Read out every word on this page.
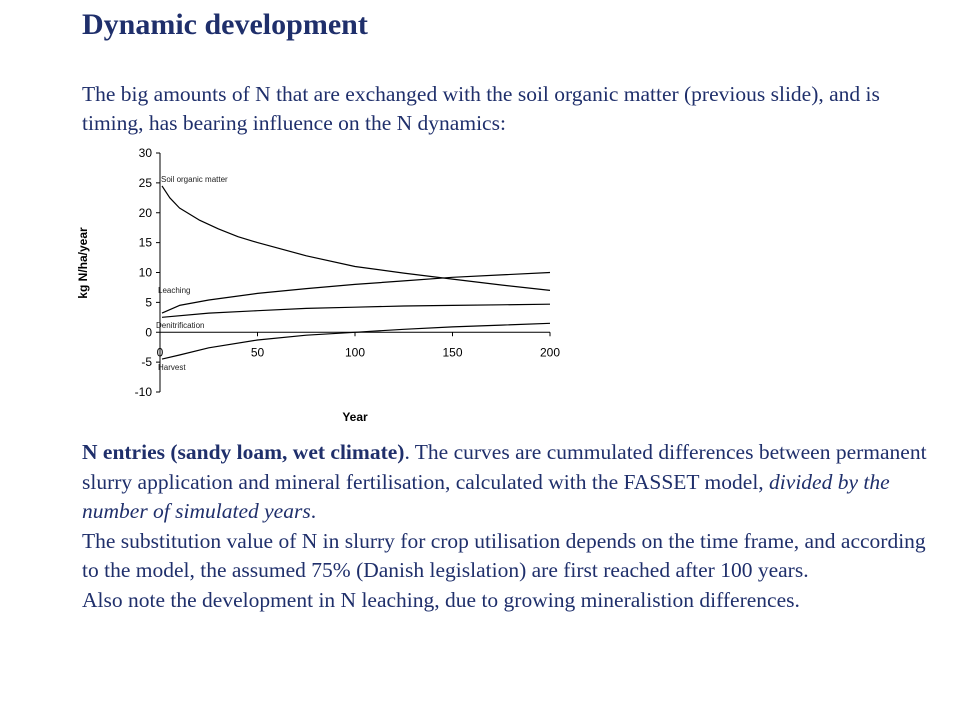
Dynamic development
The big amounts of N that are exchanged with the soil organic matter (previous slide), and is timing, has bearing influence on the N dynamics:
30
25
20
15
10
5
0
-5
-10
0	50	100	150	200
Soil organic matter
Leaching
Denitrification
Harvest
kg N/ha/year
Year

N entries (sandy loam, wet climate). The curves are cummulated differences between permanent slurry application and mineral fertilisation, calculated with the FASSET model, divided by the number of simulated years.

The substitution value of N in slurry for crop utilisation depends on the time frame, and according to the model, the assumed 75% (Danish legislation) are first reached after 100 years.

Also note the development in N leaching, due to growing mineralistion differences.
